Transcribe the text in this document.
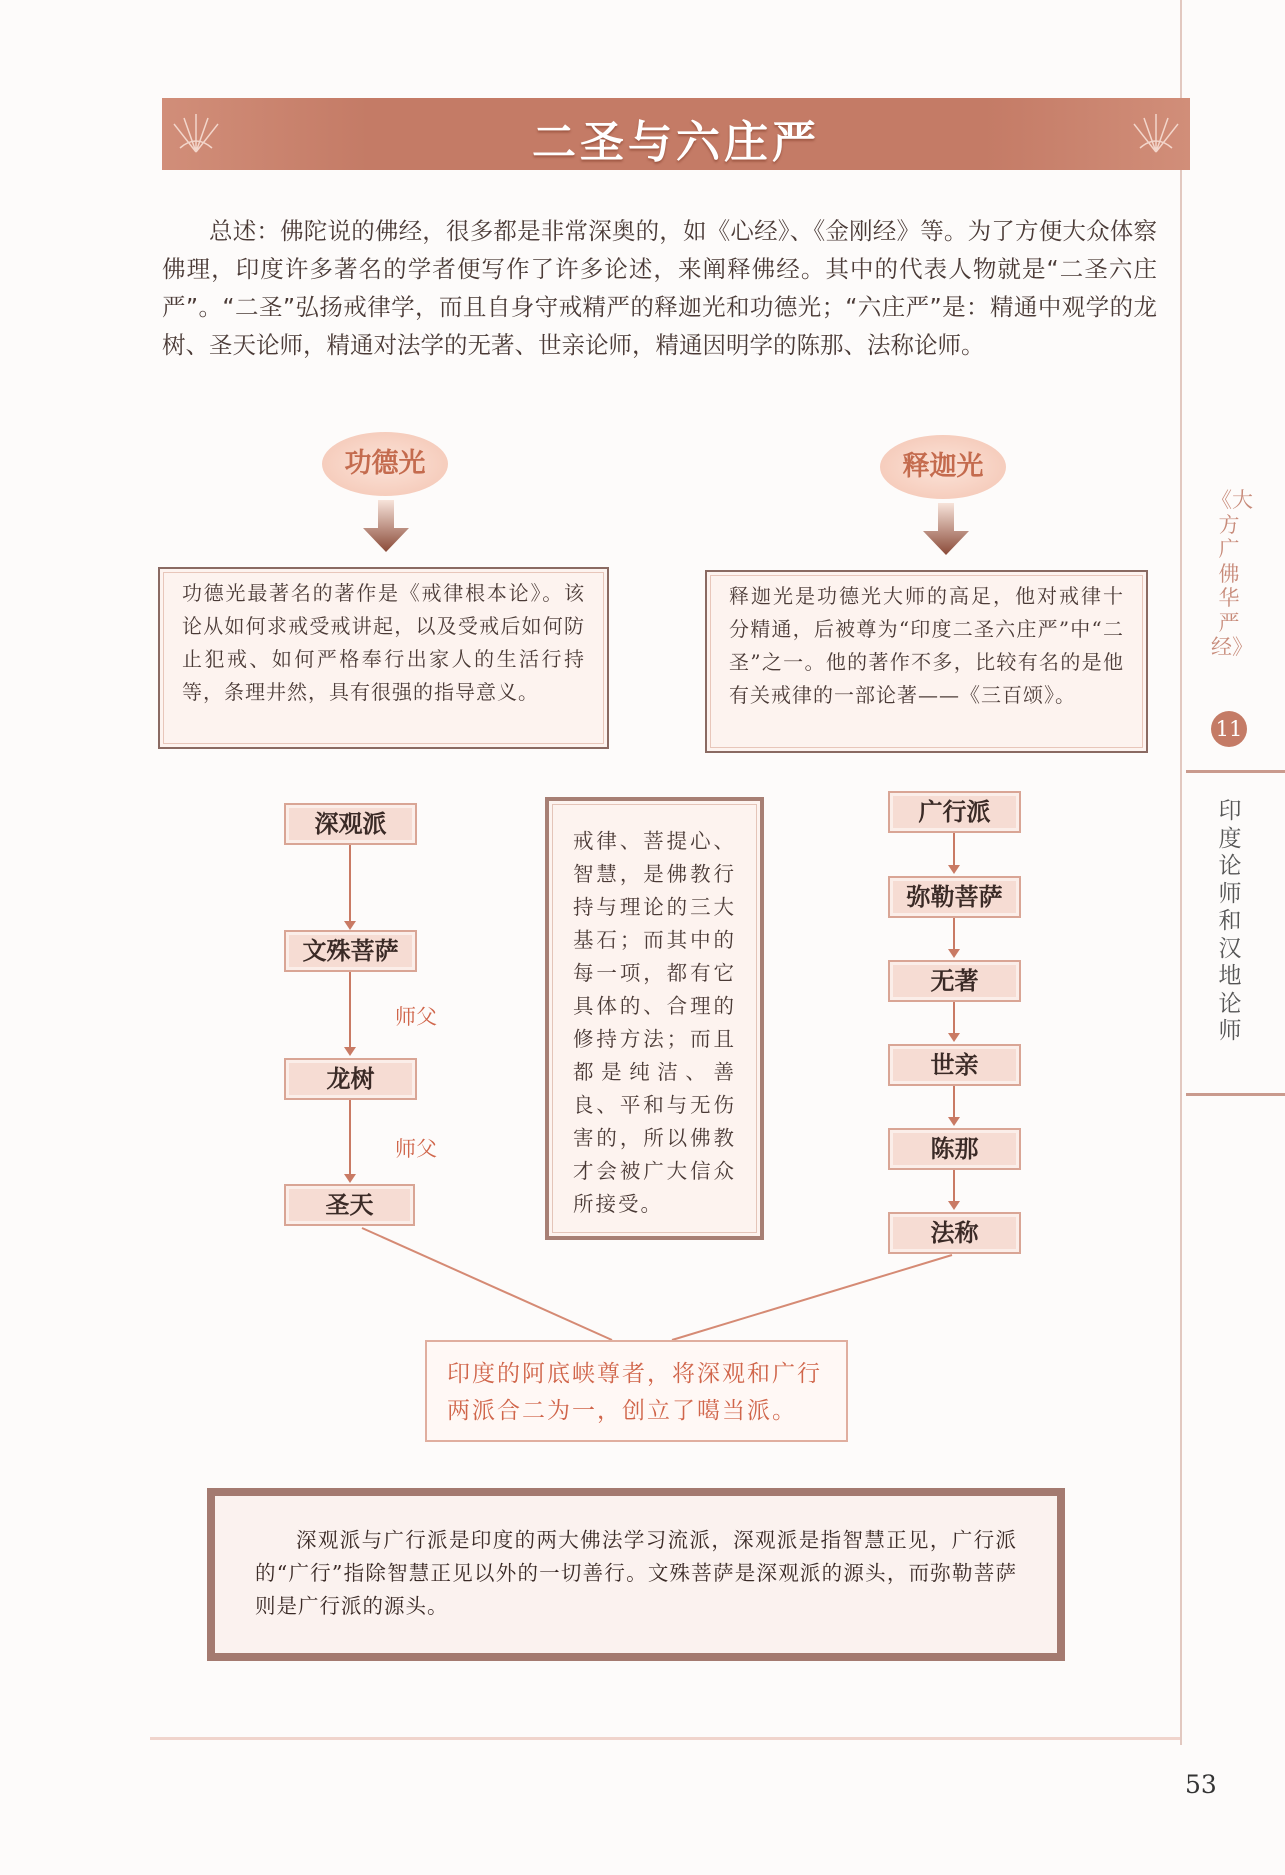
《大方广佛华严经》
11
印度论师和汉地论师
二圣与六庄严
总述：佛陀说的佛经，很多都是非常深奥的，如《心经》、《金刚经》等。为了方便大众体察佛理，印度许多著名的学者便写作了许多论述，来阐释佛经。其中的代表人物就是“二圣六庄严”。“二圣”弘扬戒律学，而且自身守戒精严的释迦光和功德光；“六庄严”是：精通中观学的龙树、圣天论师，精通对法学的无著、世亲论师，精通因明学的陈那、法称论师。
功德光	释迦光
功德光最著名的著作是《戒律根本论》。该论从如何求戒受戒讲起，以及受戒后如何防止犯戒、如何严格奉行出家人的生活行持等，条理井然，具有很强的指导意义。
释迦光是功德光大师的高足，他对戒律十分精通，后被尊为“印度二圣六庄严”中“二圣”之一。他的著作不多，比较有名的是他有关戒律的一部论著——《三百颂》。
深观派
文殊菩萨
师父
龙树
师父
圣天
戒律、菩提心、智慧，是佛教行持与理论的三大基石；而其中的每一项，都有它具体的、合理的修持方法；而且都是纯洁、善良、平和与无伤害的，所以佛教才会被广大信众所接受。
广行派
弥勒菩萨
无著
世亲
陈那
法称
印度的阿底峡尊者，将深观和广行两派合二为一，创立了噶当派。

深观派与广行派是印度的两大佛法学习流派，深观派是指智慧正见，广行派的“广行”指除智慧正见以外的一切善行。文殊菩萨是深观派的源头，而弥勒菩萨则是广行派的源头。

53
